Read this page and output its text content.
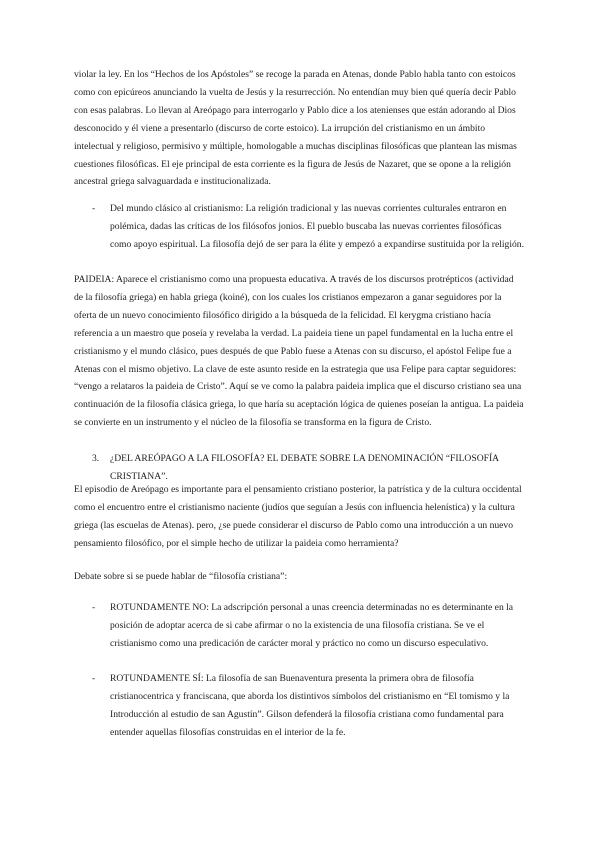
violar la ley. En los “Hechos de los Apóstoles” se recoge la parada en Atenas, donde Pablo habla tanto con estoicos como con epicúreos anunciando la vuelta de Jesús y la resurrección. No entendían muy bien qué quería decir Pablo con esas palabras. Lo llevan al Areópago para interrogarlo y Pablo dice a los atenienses que están adorando al Dios desconocido y él viene a presentarlo (discurso de corte estoico). La irrupción del cristianismo en un ámbito intelectual y religioso, permisivo y múltiple, homologable a muchas disciplinas filosóficas que plantean las mismas cuestiones filosóficas. El eje principal de esta corriente es la figura de Jesús de Nazaret, que se opone a la religión ancestral griega salvaguardada e institucionalizada.

-	Del mundo clásico al cristianismo: La religión tradicional y las nuevas corrientes culturales entraron en polémica, dadas las críticas de los filósofos jonios. El pueblo buscaba las nuevas corrientes filosóficas como apoyo espiritual. La filosofía dejó de ser para la élite y empezó a expandirse sustituida por la religión.

PAIDEIA: Aparece el cristianismo como una propuesta educativa. A través de los discursos protrépticos (actividad de la filosofía griega) en habla griega (koiné), con los cuales los cristianos empezaron a ganar seguidores por la oferta de un nuevo conocimiento filosófico dirigido a la búsqueda de la felicidad. El kerygma cristiano hacía referencia a un maestro que poseía y revelaba la verdad. La paideia tiene un papel fundamental en la lucha entre el cristianismo y el mundo clásico, pues después de que Pablo fuese a Atenas con su discurso, el apóstol Felipe fue a Atenas con el mismo objetivo. La clave de este asunto reside en la estrategia que usa Felipe para captar seguidores: “vengo a relataros la paideia de Cristo”. Aquí se ve como la palabra paideia implica que el discurso cristiano sea una continuación de la filosofía clásica griega, lo que haría su aceptación lógica de quienes poseían la antigua. La paideia se convierte en un instrumento y el núcleo de la filosofía se transforma en la figura de Cristo.

3. ¿DEL AREÓPAGO A LA FILOSOFÍA? EL DEBATE SOBRE LA DENOMINACIÓN “FILOSOFÍA CRISTIANA”.

El episodio de Areópago es importante para el pensamiento cristiano posterior, la patrística y de la cultura occidental como el encuentro entre el cristianismo naciente (judíos que seguían a Jesús con influencia helenística) y la cultura griega (las escuelas de Atenas). pero, ¿se puede considerar el discurso de Pablo como una introducción a un nuevo pensamiento filosófico, por el simple hecho de utilizar la paideia como herramienta?

Debate sobre si se puede hablar de “filosofía cristiana”:

-	ROTUNDAMENTE NO: La adscripción personal a unas creencia determinadas no es determinante en la posición de adoptar acerca de si cabe afirmar o no la existencia de una filosofía cristiana. Se ve el cristianismo como una predicación de carácter moral y práctico no como un discurso especulativo.
-	ROTUNDAMENTE SÍ: La filosofía de san Buenaventura presenta la primera obra de filosofía cristianocentrica y franciscana, que aborda los distintivos símbolos del cristianismo en “El tomismo y la Introducción al estudio de san Agustín”. Gilson defenderá la filosofía cristiana como fundamental para entender aquellas filosofías construidas en el interior de la fe.
